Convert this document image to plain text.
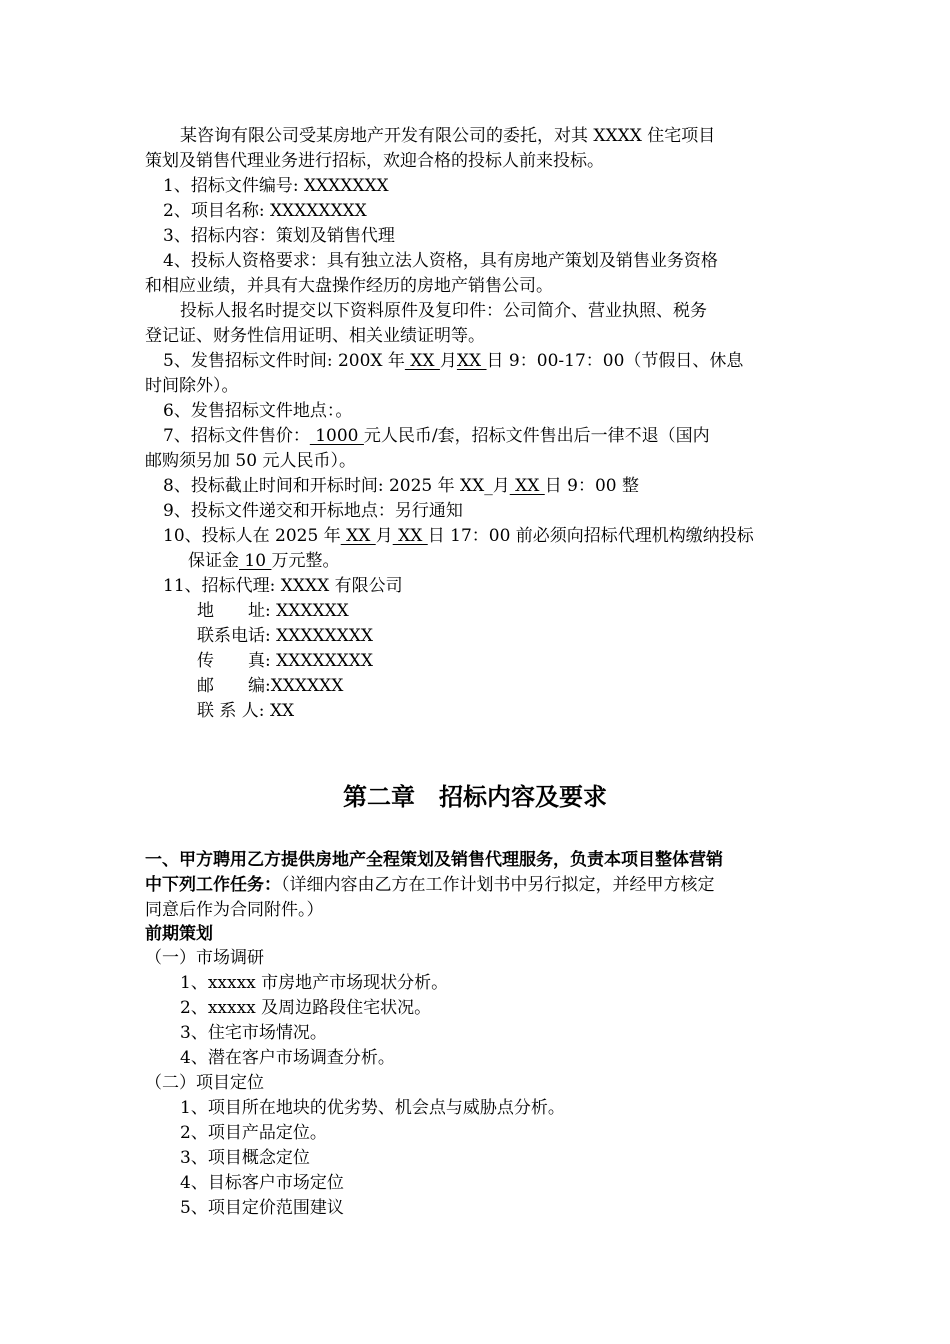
某咨询有限公司受某房地产开发有限公司的委托，对其 XXXX 住宅项目
策划及销售代理业务进行招标，欢迎合格的投标人前来投标。
1、招标文件编号: XXXXXXX
2、项目名称: XXXXXXXX
3、招标内容：策划及销售代理
4、投标人资格要求：具有独立法人资格，具有房地产策划及销售业务资格
和相应业绩，并具有大盘操作经历的房地产销售公司。
投标人报名时提交以下资料原件及复印件：公司简介、营业执照、税务
登记证、财务性信用证明、相关业绩证明等。
5、发售招标文件时间: 200X 年 XX 月XX 日 9：00-17：00（节假日、休息
时间除外）。
6、发售招标文件地点：。
7、招标文件售价： 1000 元人民币/套，招标文件售出后一律不退（国内
邮购须另加 50 元人民币）。
8、投标截止时间和开标时间: 2025 年 XX_月 XX 日 9：00 整
9、投标文件递交和开标地点：另行通知
10、投标人在 2025 年 XX 月 XX 日 17：00 前必须向招标代理机构缴纳投标
保证金 10 万元整。
11、招标代理: XXXX 有限公司
地　　址: XXXXXX
联系电话: XXXXXXXX
传　　真: XXXXXXXX
邮　　编:XXXXXX
联 系 人: XX
第二章　招标内容及要求
一、甲方聘用乙方提供房地产全程策划及销售代理服务，负责本项目整体营销
中下列工作任务：（详细内容由乙方在工作计划书中另行拟定，并经甲方核定
同意后作为合同附件。）
前期策划
（一）市场调研
1、xxxxx 市房地产市场现状分析。
2、xxxxx 及周边路段住宅状况。
3、住宅市场情况。
4、潜在客户市场调查分析。
（二）项目定位
1、项目所在地块的优劣势、机会点与威胁点分析。
2、项目产品定位。
3、项目概念定位
4、目标客户市场定位
5、项目定价范围建议
